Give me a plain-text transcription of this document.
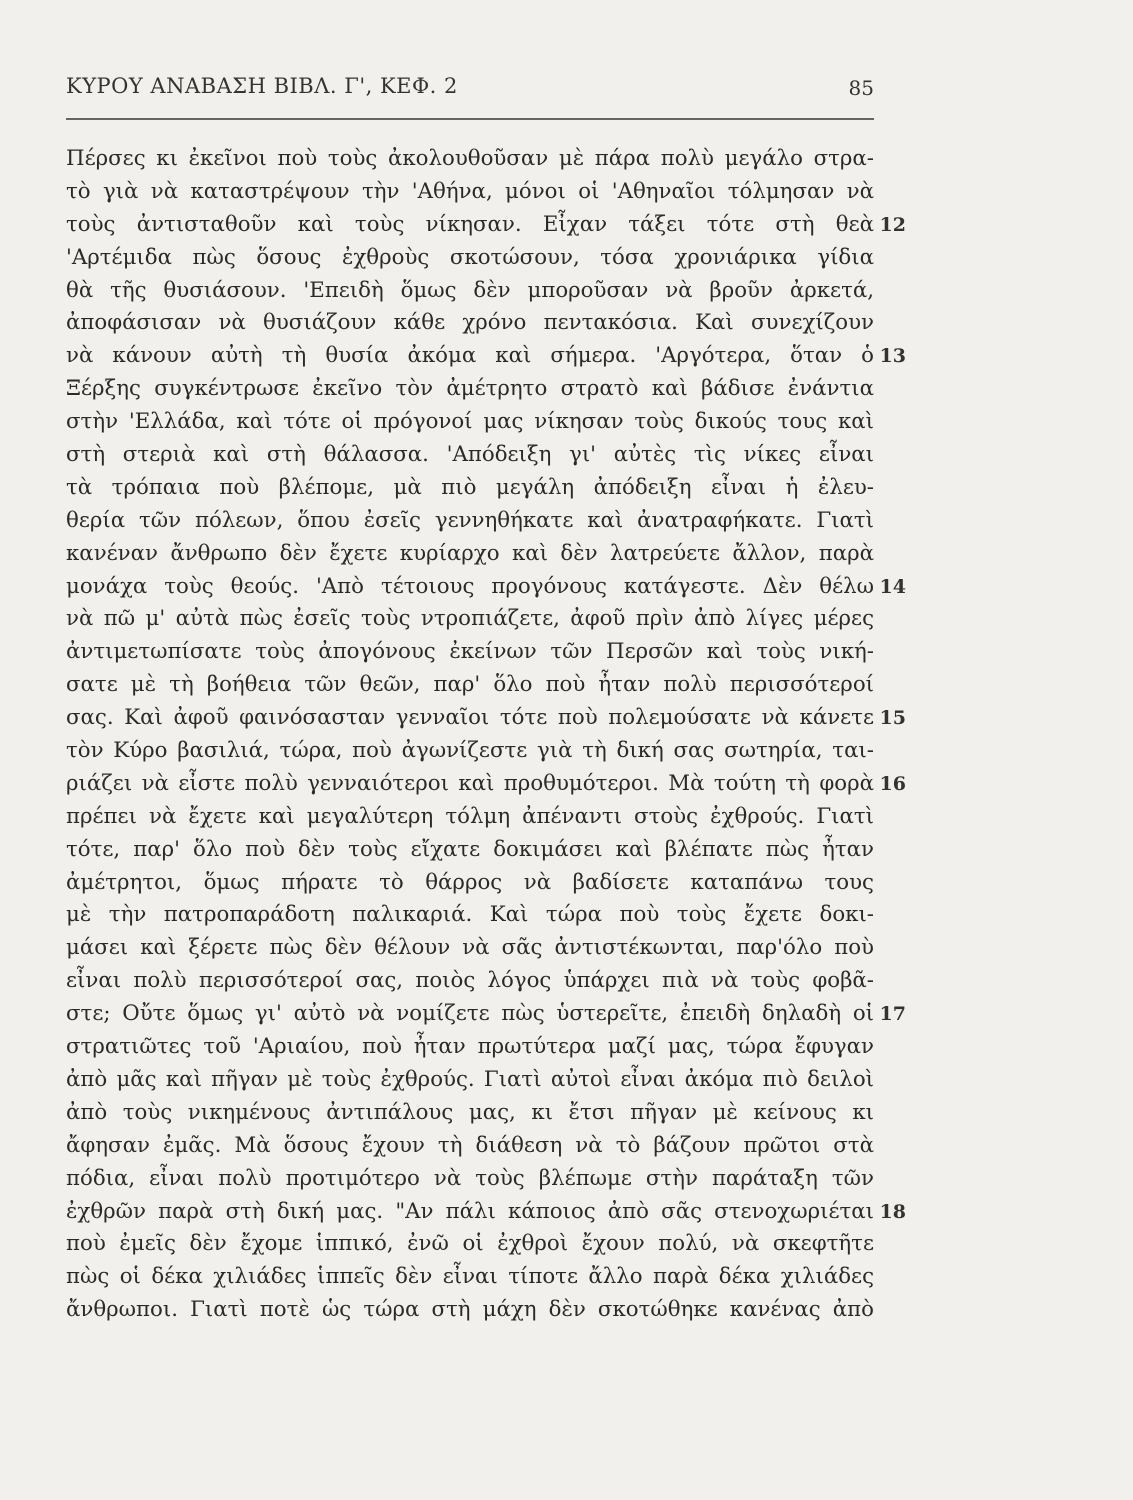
ΚΥΡΟΥ ΑΝΑΒΑΣΗ ΒΙΒΛ. Γ', ΚΕΦ. 2	85
Πέρσες κι ἐκεῖνοι ποὺ τοὺς ἀκολουθοῦσαν μὲ πάρα πολὺ μεγάλο στρα-
τὸ γιὰ νὰ καταστρέψουν τὴν 'Αθήνα, μόνοι οἱ 'Αθηναῖοι τόλμησαν νὰ
τοὺς ἀντισταθοῦν καὶ τοὺς νίκησαν. Εἶχαν τάξει τότε στὴ θεὰ 12
'Αρτέμιδα πὼς ὅσους ἐχθροὺς σκοτώσουν, τόσα χρονιάρικα γίδια
θὰ τῆς θυσιάσουν. 'Επειδὴ ὅμως δὲν μποροῦσαν νὰ βροῦν ἀρκετά,
ἀποφάσισαν νὰ θυσιάζουν κάθε χρόνο πεντακόσια. Καὶ συνεχίζουν
νὰ κάνουν αὐτὴ τὴ θυσία ἀκόμα καὶ σήμερα. 'Αργότερα, ὅταν ὁ 13
Ξέρξης συγκέντρωσε ἐκεῖνο τὸν ἀμέτρητο στρατὸ καὶ βάδισε ἐνάντια
στὴν 'Ελλάδα, καὶ τότε οἱ πρόγονοί μας νίκησαν τοὺς δικούς τους καὶ
στὴ στεριὰ καὶ στὴ θάλασσα. 'Απόδειξη γι' αὐτὲς τὶς νίκες εἶναι
τὰ τρόπαια ποὺ βλέπομε, μὰ πιὸ μεγάλη ἀπόδειξη εἶναι ἡ ἐλευ-
θερία τῶν πόλεων, ὅπου ἐσεῖς γεννηθήκατε καὶ ἀνατραφήκατε. Γιατὶ
κανέναν ἄνθρωπο δὲν ἔχετε κυρίαρχο καὶ δὲν λατρεύετε ἄλλον, παρὰ
μονάχα τοὺς θεούς. 'Απὸ τέτοιους προγόνους κατάγεστε. Δὲν θέλω 14
νὰ πῶ μ' αὐτὰ πὼς ἐσεῖς τοὺς ντροπιάζετε, ἀφοῦ πρὶν ἀπὸ λίγες μέρες
ἀντιμετωπίσατε τοὺς ἀπογόνους ἐκείνων τῶν Περσῶν καὶ τοὺς νική-
σατε μὲ τὴ βοήθεια τῶν θεῶν, παρ' ὅλο ποὺ ἦταν πολὺ περισσότεροί
σας. Καὶ ἀφοῦ φαινόσασταν γενναῖοι τότε ποὺ πολεμούσατε νὰ κάνετε 15
τὸν Κύρο βασιλιά, τώρα, ποὺ ἀγωνίζεστε γιὰ τὴ δική σας σωτηρία, ται-
ριάζει νὰ εἶστε πολὺ γενναιότεροι καὶ προθυμότεροι. Μὰ τούτη τὴ φορὰ 16
πρέπει νὰ ἔχετε καὶ μεγαλύτερη τόλμη ἀπέναντι στοὺς ἐχθρούς. Γιατὶ
τότε, παρ' ὅλο ποὺ δὲν τοὺς εἴχατε δοκιμάσει καὶ βλέπατε πὼς ἦταν
ἀμέτρητοι, ὅμως πήρατε τὸ θάρρος νὰ βαδίσετε καταπάνω τους
μὲ τὴν πατροπαράδοτη παλικαριά. Καὶ τώρα ποὺ τοὺς ἔχετε δοκι-
μάσει καὶ ξέρετε πὼς δὲν θέλουν νὰ σᾶς ἀντιστέκωνται, παρ'όλο ποὺ
εἶναι πολὺ περισσότεροί σας, ποιὸς λόγος ὑπάρχει πιὰ νὰ τοὺς φοβᾶ-
στε; Οὔτε ὅμως γι' αὐτὸ νὰ νομίζετε πὼς ὑστερεῖτε, ἐπειδὴ δηλαδὴ οἱ 17
στρατιῶτες τοῦ 'Αριαίου, ποὺ ἦταν πρωτύτερα μαζί μας, τώρα ἔφυγαν
ἀπὸ μᾶς καὶ πῆγαν μὲ τοὺς ἐχθρούς. Γιατὶ αὐτοὶ εἶναι ἀκόμα πιὸ δειλοὶ
ἀπὸ τοὺς νικημένους ἀντιπάλους μας, κι ἔτσι πῆγαν μὲ κείνους κι
ἄφησαν ἐμᾶς. Μὰ ὅσους ἔχουν τὴ διάθεση νὰ τὸ βάζουν πρῶτοι στὰ
πόδια, εἶναι πολὺ προτιμότερο νὰ τοὺς βλέπωμε στὴν παράταξη τῶν
ἐχθρῶν παρὰ στὴ δική μας. "Αν πάλι κάποιος ἀπὸ σᾶς στενοχωριέται 18
ποὺ ἐμεῖς δὲν ἔχομε ἱππικό, ἐνῶ οἱ ἐχθροὶ ἔχουν πολύ, νὰ σκεφτῆτε
πὼς οἱ δέκα χιλιάδες ἱππεῖς δὲν εἶναι τίποτε ἄλλο παρὰ δέκα χιλιάδες
ἄνθρωποι. Γιατὶ ποτὲ ὡς τώρα στὴ μάχη δὲν σκοτώθηκε κανένας ἀπὸ
